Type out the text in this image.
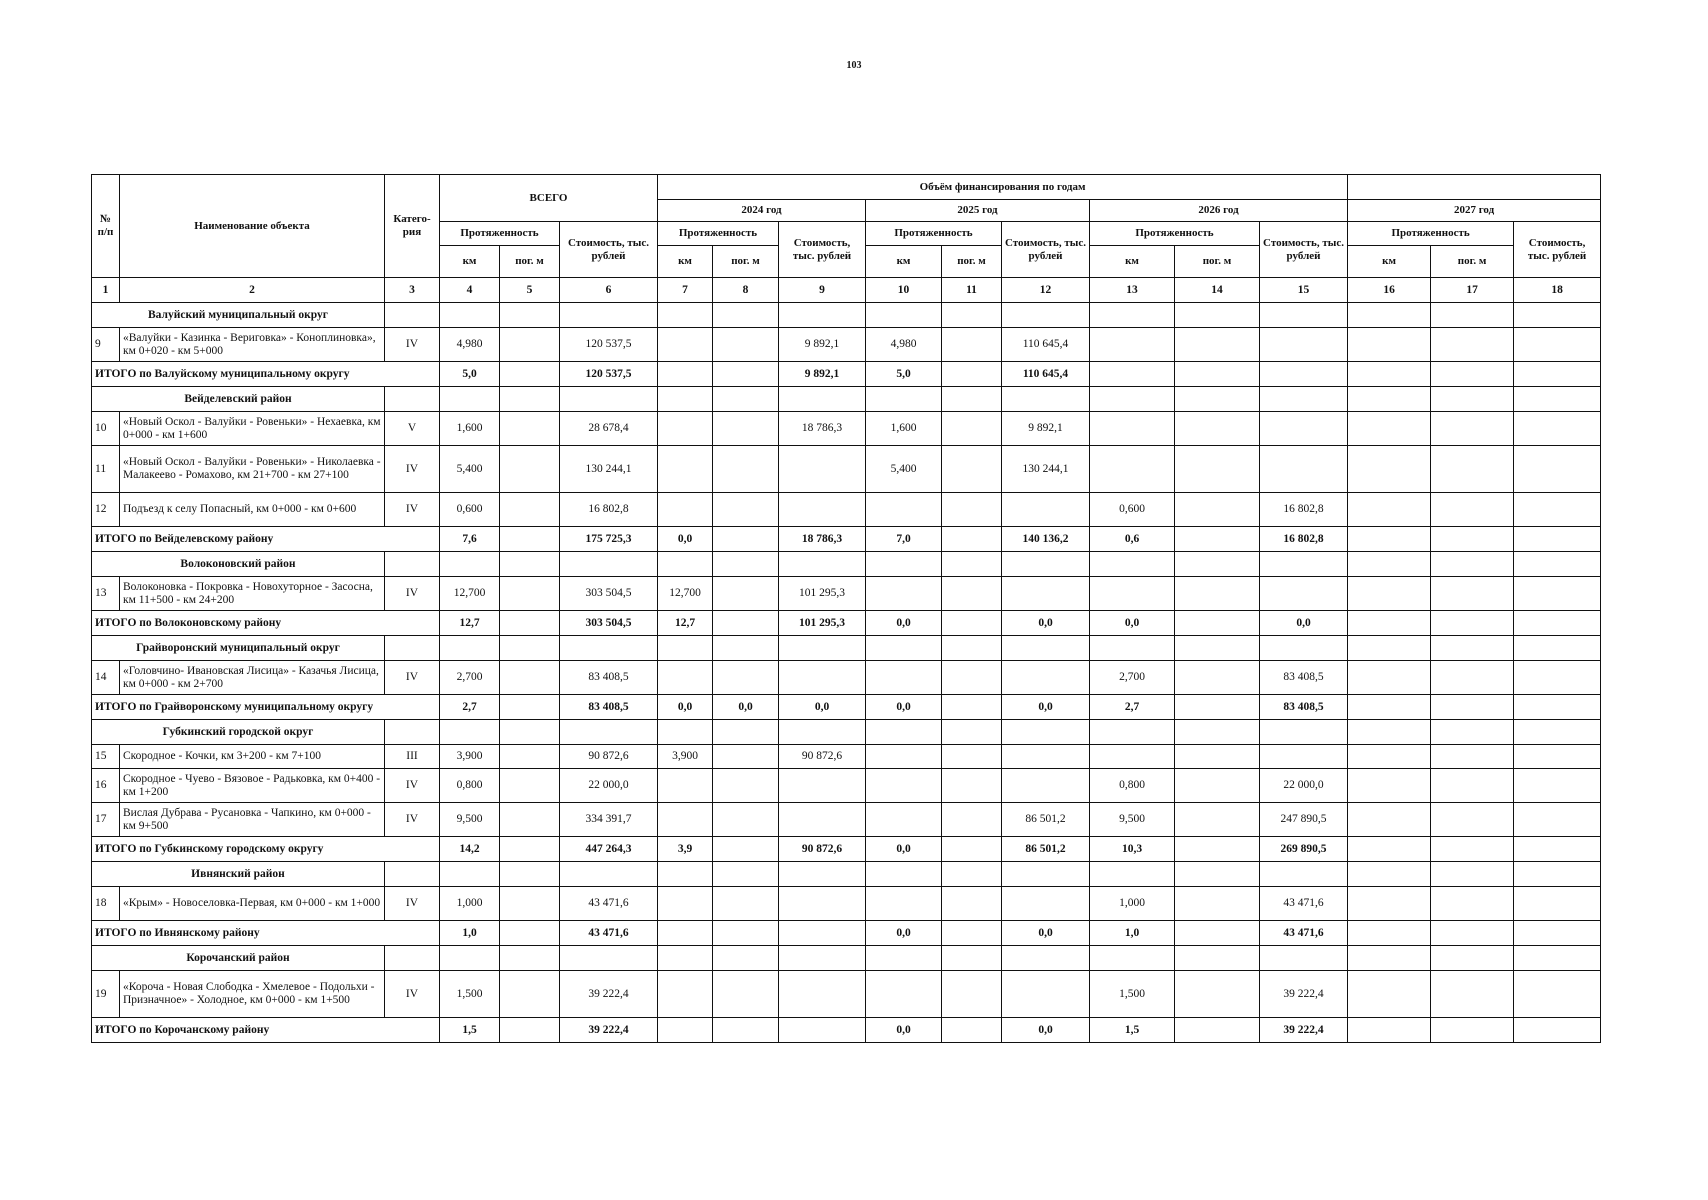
103
№ п/п	Наименование объекта	Катего- рия	ВСЕГО			Объём финансирования по годам											
						2024 год			2025 год			2026 год			2027 год		
			Протяженность		Стоимость, тыс. рублей	Протяженность		Стоимость, тыс. рублей	Протяженность		Стоимость, тыс. рублей	Протяженность		Стоимость, тыс. рублей	Протяженность		Стоимость, тыс. рублей
			км	пог. м		км	пог. м		км	пог. м		км	пог. м		км	пог. м	
1	2	3	4	5	6	7	8	9	10	11	12	13	14	15	16	17	18
Валуйский муниципальный округ																	
9	«Валуйки - Казинка - Вериговка» - Коноплиновка», км 0+020 - км 5+000	IV	4,980		120 537,5			9 892,1	4,980		110 645,4						
ИТОГО по Валуйскому муниципальному округу			5,0		120 537,5			9 892,1	5,0		110 645,4						
Вейделевский район																	
10	«Новый Оскол - Валуйки - Ровеньки» - Нехаевка, км 0+000 - км 1+600	V	1,600		28 678,4			18 786,3	1,600		9 892,1						
11	«Новый Оскол - Валуйки - Ровеньки» - Николаевка - Малакеево - Ромахово, км 21+700 - км 27+100	IV	5,400		130 244,1				5,400		130 244,1						
12	Подъезд к селу Попасный, км 0+000 - км 0+600	IV	0,600		16 802,8							0,600		16 802,8			
ИТОГО по Вейделевскому району			7,6		175 725,3	0,0		18 786,3	7,0		140 136,2	0,6		16 802,8			
Волоконовский район																	
13	Волоконовка - Покровка - Новохуторное - Засосна, км 11+500 - км 24+200	IV	12,700		303 504,5	12,700		101 295,3									
ИТОГО по Волоконовскому району			12,7		303 504,5	12,7		101 295,3	0,0		0,0	0,0		0,0			
Грайворонский муниципальный округ																	
14	«Головчино- Ивановская Лисица» - Казачья Лисица, км 0+000 - км 2+700	IV	2,700		83 408,5							2,700		83 408,5			
ИТОГО по Грайворонскому муниципальному округу			2,7		83 408,5	0,0	0,0	0,0	0,0		0,0	2,7		83 408,5			
Губкинский городской округ																	
15	Скородное - Кочки, км 3+200 - км 7+100	III	3,900		90 872,6	3,900		90 872,6									
16	Скородное - Чуево - Вязовое - Радьковка, км 0+400 - км 1+200	IV	0,800		22 000,0							0,800		22 000,0			
17	Вислая Дубрава - Русановка - Чапкино, км 0+000 - км 9+500	IV	9,500		334 391,7						86 501,2	9,500		247 890,5			
ИТОГО по Губкинскому городскому округу			14,2		447 264,3	3,9		90 872,6	0,0		86 501,2	10,3		269 890,5			
Ивнянский район																	
18	«Крым» - Новоселовка-Первая, км 0+000 - км 1+000	IV	1,000		43 471,6							1,000		43 471,6			
ИТОГО по Ивнянскому району			1,0		43 471,6				0,0		0,0	1,0		43 471,6			
Корочанский район																	
19	«Короча - Новая Слободка - Хмелевое - Подольхи - Призначное» - Холодное, км 0+000 - км 1+500	IV	1,500		39 222,4							1,500		39 222,4			
ИТОГО по Корочанскому району			1,5		39 222,4				0,0		0,0	1,5		39 222,4			
